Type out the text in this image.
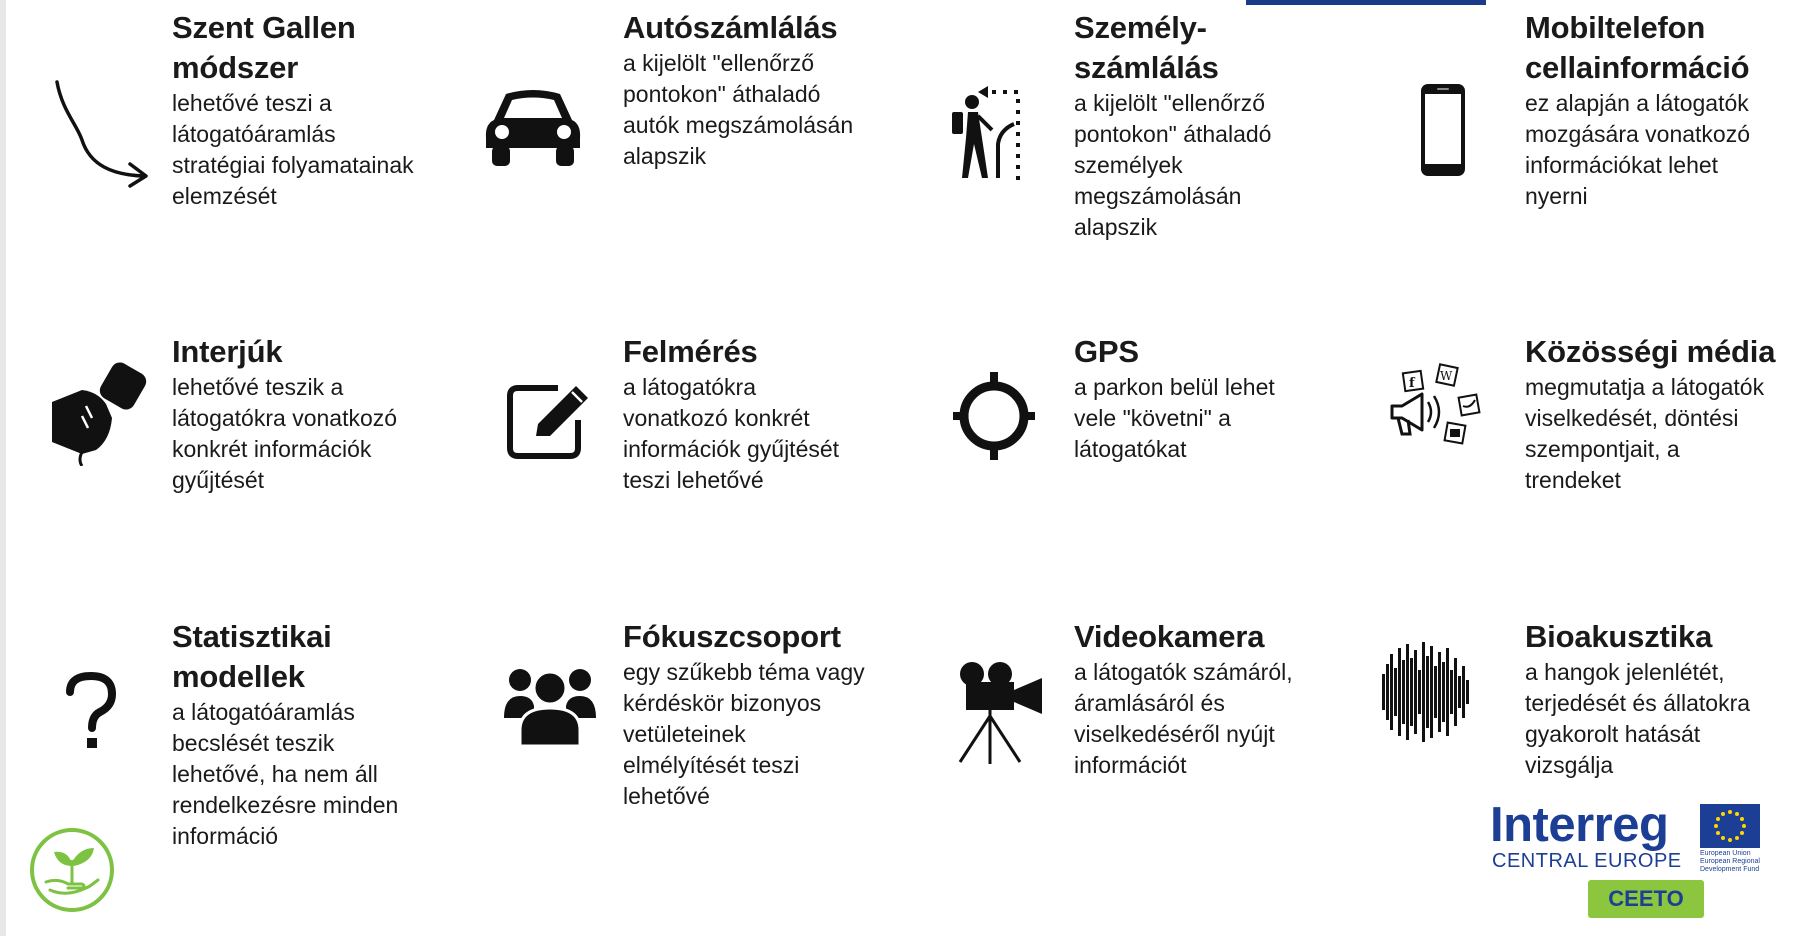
Szent Gallen
módszer
lehetővé teszi a
látogatóáramlás
stratégiai folyamatainak
elemzését
Autószámlálás
a kijelölt "ellenőrző
pontokon" áthaladó
autók megszámolásán
alapszik
Személy-
számlálás
a kijelölt "ellenőrző
pontokon" áthaladó
személyek
megszámolásán
alapszik
Mobiltelefon
cellainformáció
ez alapján a látogatók
mozgására vonatkozó
információkat lehet
nyerni
Interjúk
lehetővé teszik a
látogatókra vonatkozó
konkrét információk
gyűjtését
Felmérés
a látogatókra
vonatkozó konkrét
információk gyűjtését
teszi lehetővé
GPS
a parkon belül lehet
vele "követni" a
látogatókat
f W
Közösségi média
megmutatja a látogatók
viselkedését, döntési
szempontjait, a
trendeket
Statisztikai
modellek
a látogatóáramlás
becslését teszik
lehetővé, ha nem áll
rendelkezésre minden
információ
Fókuszcsoport
egy szűkebb téma vagy
kérdéskör bizonyos
vetületeinek
elmélyítését teszi
lehetővé
Videokamera
a látogatók számáról,
áramlásáról és
viselkedéséről nyújt
információt
Bioakusztika
a hangok jelenlétét,
terjedését és állatokra
gyakorolt hatását
vizsgálja
Interreg
CENTRAL EUROPE	European Union
European Regional
Development Fund
CEETO
